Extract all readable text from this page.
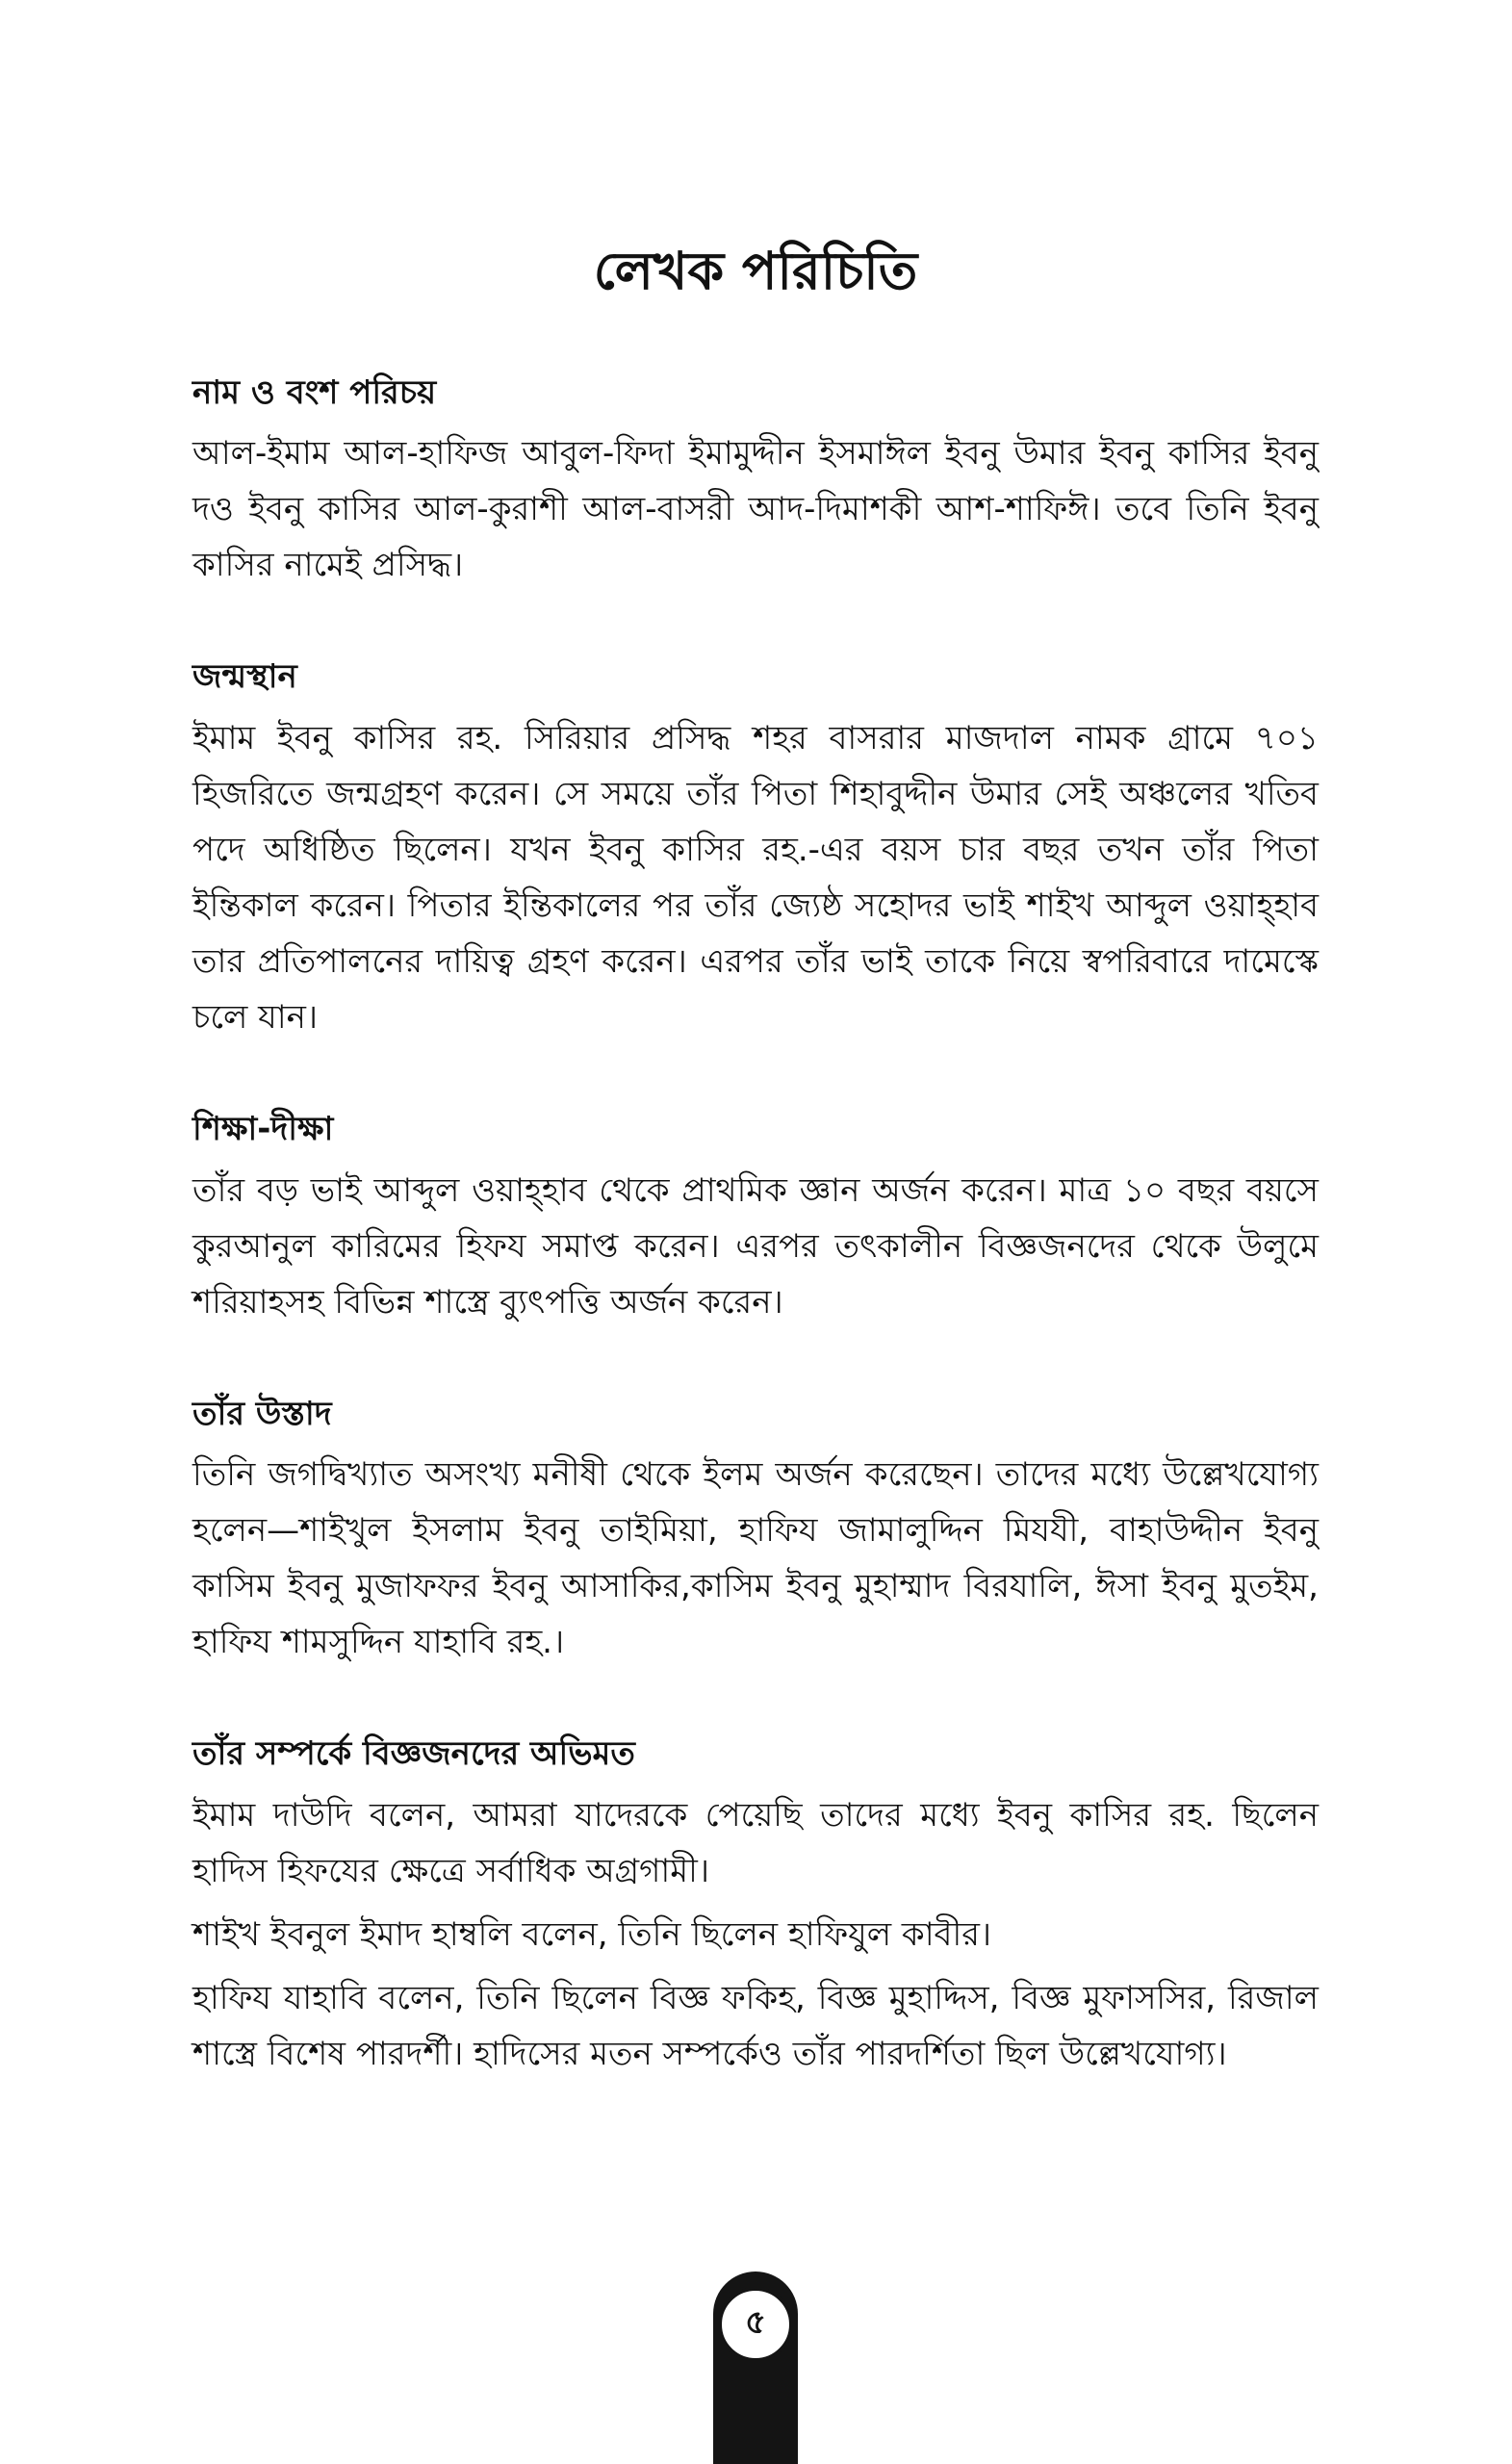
লেখক পরিচিতি
নাম ও বংশ পরিচয়

আল-ইমাম আল-হাফিজ আবুল-ফিদা ইমামুদ্দীন ইসমাঈল ইবনু উমার ইবনু কাসির ইবনু দও ইবনু কাসির আল-কুরাশী আল-বাসরী আদ-দিমাশকী আশ-শাফিঈ। তবে তিনি ইবনু কাসির নামেই প্রসিদ্ধ।

জন্মস্থান

ইমাম ইবনু কাসির রহ. সিরিয়ার প্রসিদ্ধ শহর বাসরার মাজদাল নামক গ্রামে ৭০১ হিজরিতে জন্মগ্রহণ করেন। সে সময়ে তাঁর পিতা শিহাবুদ্দীন উমার সেই অঞ্চলের খতিব পদে অধিষ্ঠিত ছিলেন। যখন ইবনু কাসির রহ.-এর বয়স চার বছর তখন তাঁর পিতা ইন্তিকাল করেন। পিতার ইন্তিকালের পর তাঁর জ্যেষ্ঠ সহোদর ভাই শাইখ আব্দুল ওয়াহ্হাব তার প্রতিপালনের দায়িত্ব গ্রহণ করেন। এরপর তাঁর ভাই তাকে নিয়ে স্বপরিবারে দামেস্কে চলে যান।

শিক্ষা-দীক্ষা

তাঁর বড় ভাই আব্দুল ওয়াহ্হাব থেকে প্রাথমিক জ্ঞান অর্জন করেন। মাত্র ১০ বছর বয়সে কুরআনুল কারিমের হিফয সমাপ্ত করেন। এরপর তৎকালীন বিজ্ঞজনদের থেকে উলুমে শরিয়াহসহ বিভিন্ন শাস্ত্রে ব্যুৎপত্তি অর্জন করেন।

তাঁর উস্তাদ

তিনি জগদ্বিখ্যাত অসংখ্য মনীষী থেকে ইলম অর্জন করেছেন। তাদের মধ্যে উল্লেখযোগ্য হলেন—শাইখুল ইসলাম ইবনু তাইমিয়া, হাফিয জামালুদ্দিন মিযযী, বাহাউদ্দীন ইবনু কাসিম ইবনু মুজাফফর ইবনু আসাকির,কাসিম ইবনু মুহাম্মাদ বিরযালি, ঈসা ইবনু মুতইম, হাফিয শামসুদ্দিন যাহাবি রহ.।

তাঁর সম্পর্কে বিজ্ঞজনদের অভিমত

ইমাম দাউদি বলেন, আমরা যাদেরকে পেয়েছি তাদের মধ্যে ইবনু কাসির রহ. ছিলেন হাদিস হিফযের ক্ষেত্রে সর্বাধিক অগ্রগামী।

শাইখ ইবনুল ইমাদ হাম্বলি বলেন, তিনি ছিলেন হাফিযুল কাবীর।

হাফিয যাহাবি বলেন, তিনি ছিলেন বিজ্ঞ ফকিহ, বিজ্ঞ মুহাদ্দিস, বিজ্ঞ মুফাসসির, রিজাল শাস্ত্রে বিশেষ পারদর্শী। হাদিসের মতন সম্পর্কেও তাঁর পারদর্শিতা ছিল উল্লেখযোগ্য।

৫
